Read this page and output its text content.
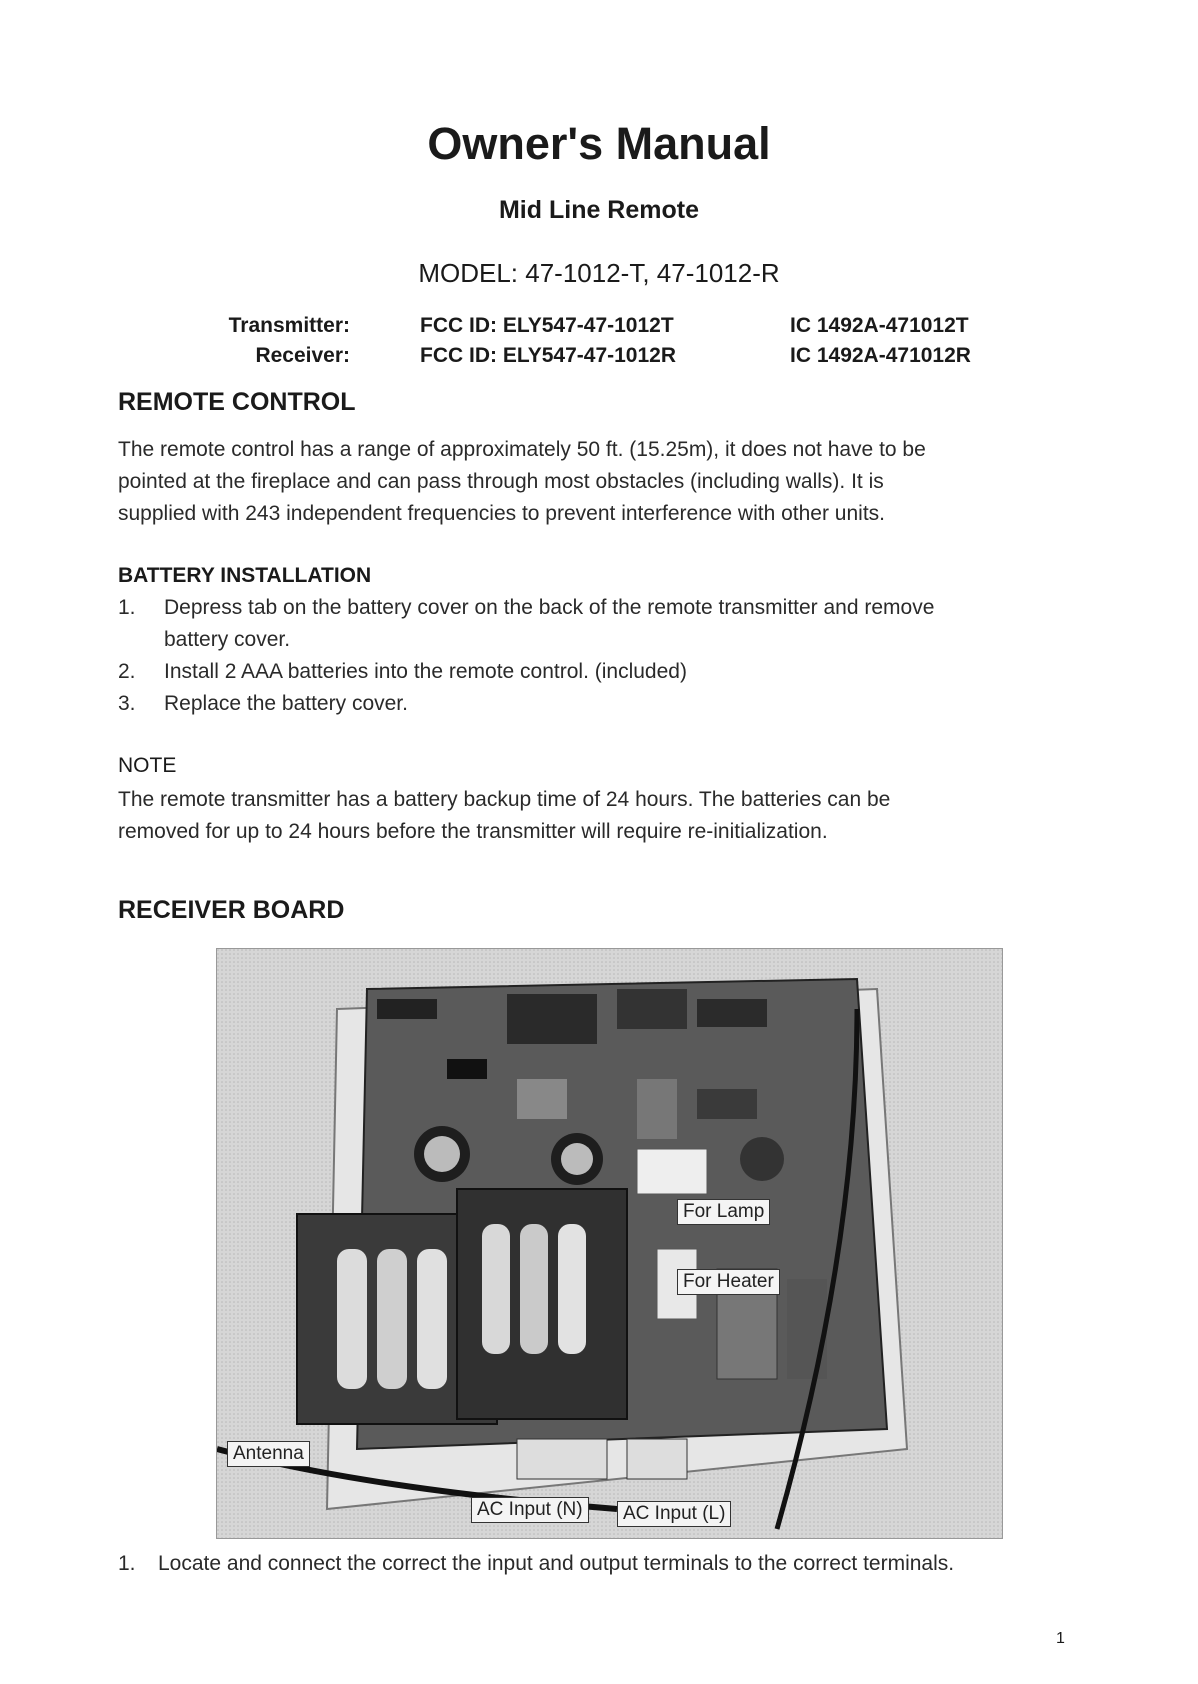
Owner's Manual
Mid Line Remote
MODEL: 47-1012-T, 47-1012-R
Transmitter:	FCC ID: ELY547-47-1012T	IC 1492A-471012T
Receiver:	FCC ID: ELY547-47-1012R	IC 1492A-471012R
REMOTE CONTROL
The remote control has a range of approximately 50 ft. (15.25m), it does not have to be
pointed at the fireplace and can pass through most obstacles (including walls). It is
supplied with 243 independent frequencies to prevent interference with other units.
BATTERY INSTALLATION
1. Depress tab on the battery cover on the back of the remote transmitter and remove
battery cover.
2. Install 2 AAA batteries into the remote control. (included)
3. Replace the battery cover.
NOTE
The remote transmitter has a battery backup time of 24 hours. The batteries can be
removed for up to 24 hours before the transmitter will require re-initialization.
RECEIVER BOARD
For Lamp
For Heater
Antenna
AC Input (N)	AC Input (L)
1. Locate and connect the correct the input and output terminals to the correct terminals.
1
